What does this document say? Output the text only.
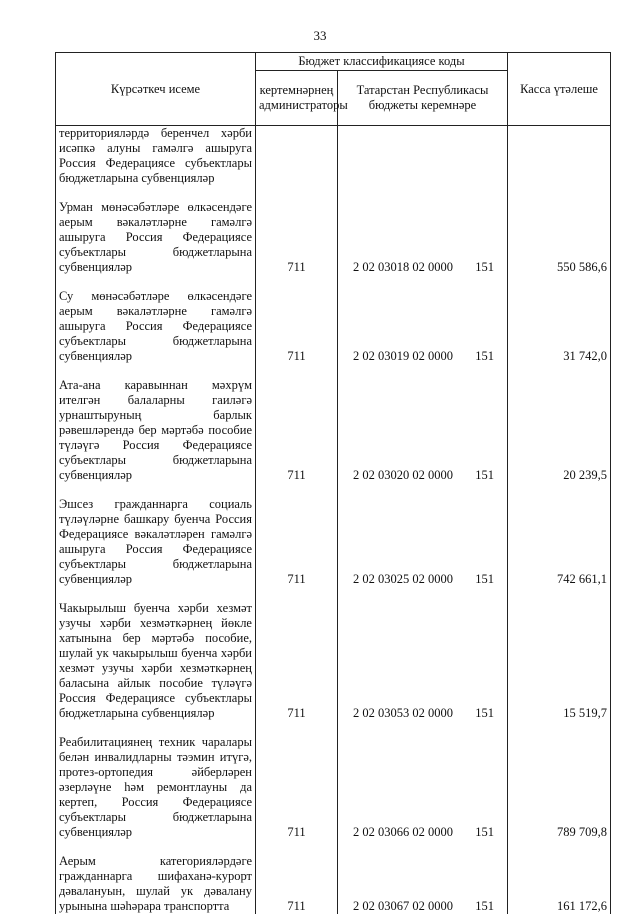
33
Күрсәткеч исеме	Бюджет классификациясе коды		Касса үтәлеше
	кертемнәрнең администраторы	Татарстан Республикасы бюджеты керемнәре	
территорияләрдә беренчел хәрби исәпкә алуны гамәлгә ашыруга Россия Федерациясе субъектлары бюджетларына субвенцияләр		

Урман мөнәсәбәтләре өлкәсендәге аерым вәкаләтләрне гамәлгә ашыруга Россия Федерациясе субъектлары бюджетларына субвенцияләр	711	2 02 03018 02 0000 151	550 586,6

Су мөнәсәбәтләре өлкәсендәге аерым вәкаләтләрне гамәлгә ашыруга Россия Федерациясе субъектлары бюджетларына субвенцияләр	711	2 02 03019 02 0000 151	31 742,0

Ата-ана каравыннан мәхрүм ителгән балаларны гаиләгә урнаштыруның барлык рәвешләрендә бер мәртәбә пособие түләүгә Россия Федерациясе субъектлары бюджетларына субвенцияләр	711	2 02 03020 02 0000 151	20 239,5

Эшсез гражданнарга социаль түләүләрне башкару буенча Россия Федерациясе вәкаләтләрен гамәлгә ашыруга Россия Федерациясе субъектлары бюджетларына субвенцияләр	711	2 02 03025 02 0000 151	742 661,1

Чакырылыш буенча хәрби хезмәт узучы хәрби хезмәткәрнең йөкле хатынына бер мәртәбә пособие, шулай ук чакырылыш буенча хәрби хезмәт узучы хәрби хезмәткәрнең баласына айлык пособие түләүгә Россия Федерациясе субъектлары бюджетларына субвенцияләр	711	2 02 03053 02 0000 151	15 519,7

Реабилитациянең техник чаралары белән инвалидларны тәэмин итүгә, протез-ортопедия әйберләрен әзерләүне һәм ремонтлауны да кертеп, Россия Федерациясе субъектлары бюджетларына субвенцияләр	711	2 02 03066 02 0000 151	789 709,8

Аерым категорияләрдәге гражданнарга шифаханә-курорт дәвалануын, шулай ук дәвалану урынына шәһәрара транспортта	711	2 02 03067 02 0000 151	161 172,6
